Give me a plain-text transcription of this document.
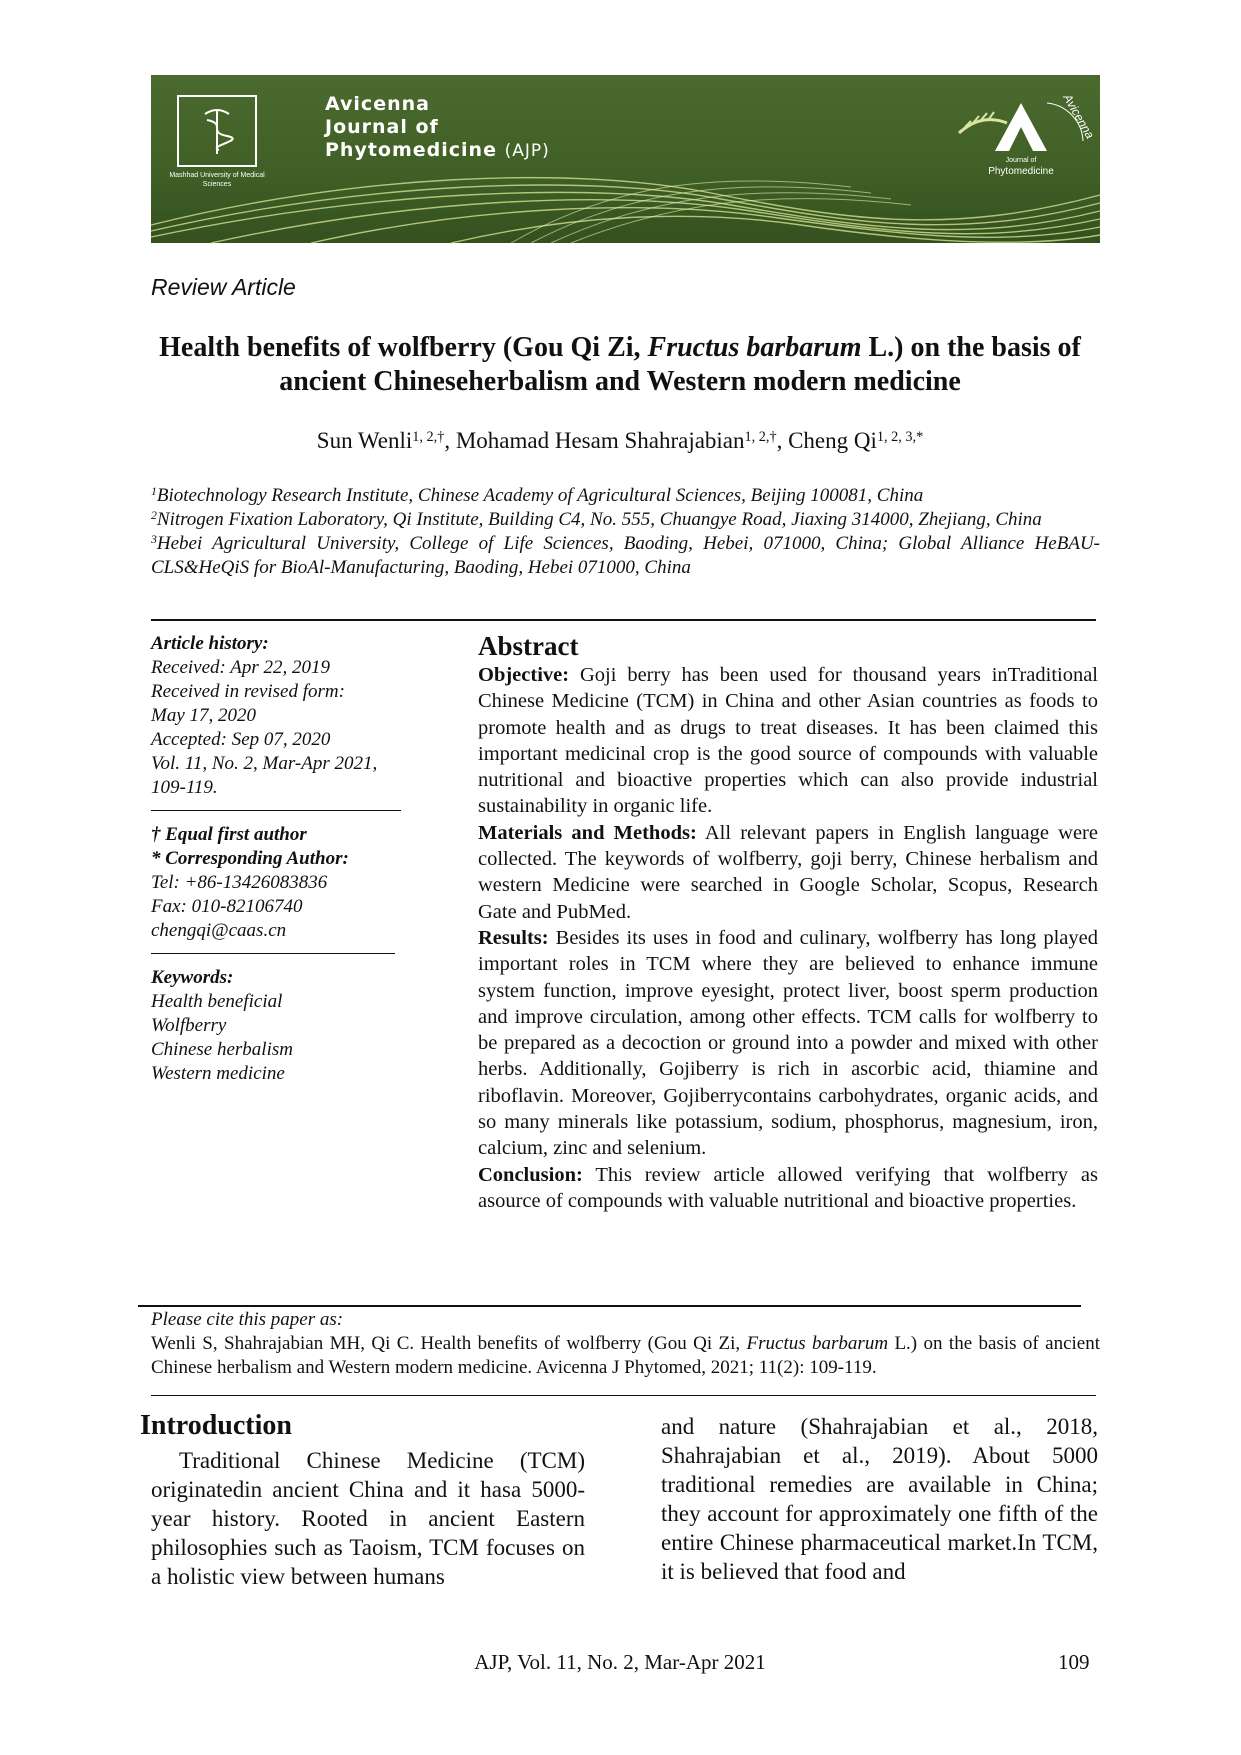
Mashhad University of Medical Sciences
Avicenna
Journal of
Phytomedicine (AJP)
Avicenna
Journal of
Phytomedicine
Review Article
Health benefits of wolfberry (Gou Qi Zi, Fructus barbarum L.) on the basis of ancient Chineseherbalism and Western modern medicine
Sun Wenli$^{1, 2,\dagger}$, Mohamad Hesam Shahrajabian$^{1, 2,\dagger}$, Cheng $Qi^{1, 2, 3,*}$

$^1$Biotechnology Research Institute, Chinese Academy of Agricultural Sciences, Beijing 100081, China

$^2$Nitrogen Fixation Laboratory, Qi Institute, Building C4, No. 555, Chuangye Road, Jiaxing 314000, Zhejiang, China

$^3$Hebei Agricultural University, College of Life Sciences, Baoding, Hebei, 071000, China; Global Alliance HeBAU-CLS&HeQiS for BioAl-Manufacturing, Baoding, Hebei 071000, China

Article history:
Received: Apr 22, 2019
Received in revised form:
May 17, 2020
Accepted: Sep 07, 2020
Vol. 11, No. 2, Mar-Apr 2021,
109-119.
† Equal first author
* Corresponding Author:
Tel: +86-13426083836
Fax: 010-82106740
chengqi@caas.cn
Keywords:
Health beneficial
Wolfberry
Chinese herbalism
Western medicine
Abstract

Objective: Goji berry has been used for thousand years inTraditional Chinese Medicine (TCM) in China and other Asian countries as foods to promote health and as drugs to treat diseases. It has been claimed this important medicinal crop is the good source of compounds with valuable nutritional and bioactive properties which can also provide industrial sustainability in organic life.

Materials and Methods: All relevant papers in English language were collected. The keywords of wolfberry, goji berry, Chinese herbalism and western Medicine were searched in Google Scholar, Scopus, Research Gate and PubMed.

Results: Besides its uses in food and culinary, wolfberry has long played important roles in TCM where they are believed to enhance immune system function, improve eyesight, protect liver, boost sperm production and improve circulation, among other effects. TCM calls for wolfberry to be prepared as a decoction or ground into a powder and mixed with other herbs. Additionally, Gojiberry is rich in ascorbic acid, thiamine and riboflavin. Moreover, Gojiberrycontains carbohydrates, organic acids, and so many minerals like potassium, sodium, phosphorus, magnesium, iron, calcium, zinc and selenium.

Conclusion: This review article allowed verifying that wolfberry as asource of compounds with valuable nutritional and bioactive properties.

Please cite this paper as:
Wenli S, Shahrajabian MH, Qi C. Health benefits of wolfberry (Gou Qi Zi, Fructus barbarum L.) on the basis of ancient Chinese herbalism and Western modern medicine. Avicenna J Phytomed, 2021; 11(2): 109-119.
Introduction
Traditional Chinese Medicine (TCM) originatedin ancient China and it hasa 5000-year history. Rooted in ancient Eastern philosophies such as Taoism, TCM focuses on a holistic view between humans
and nature (Shahrajabian et al., 2018, Shahrajabian et al., 2019). About 5000 traditional remedies are available in China; they account for approximately one fifth of the entire Chinese pharmaceutical market.In TCM, it is believed that food and
AJP, Vol. 11, No. 2, Mar-Apr 2021	109
